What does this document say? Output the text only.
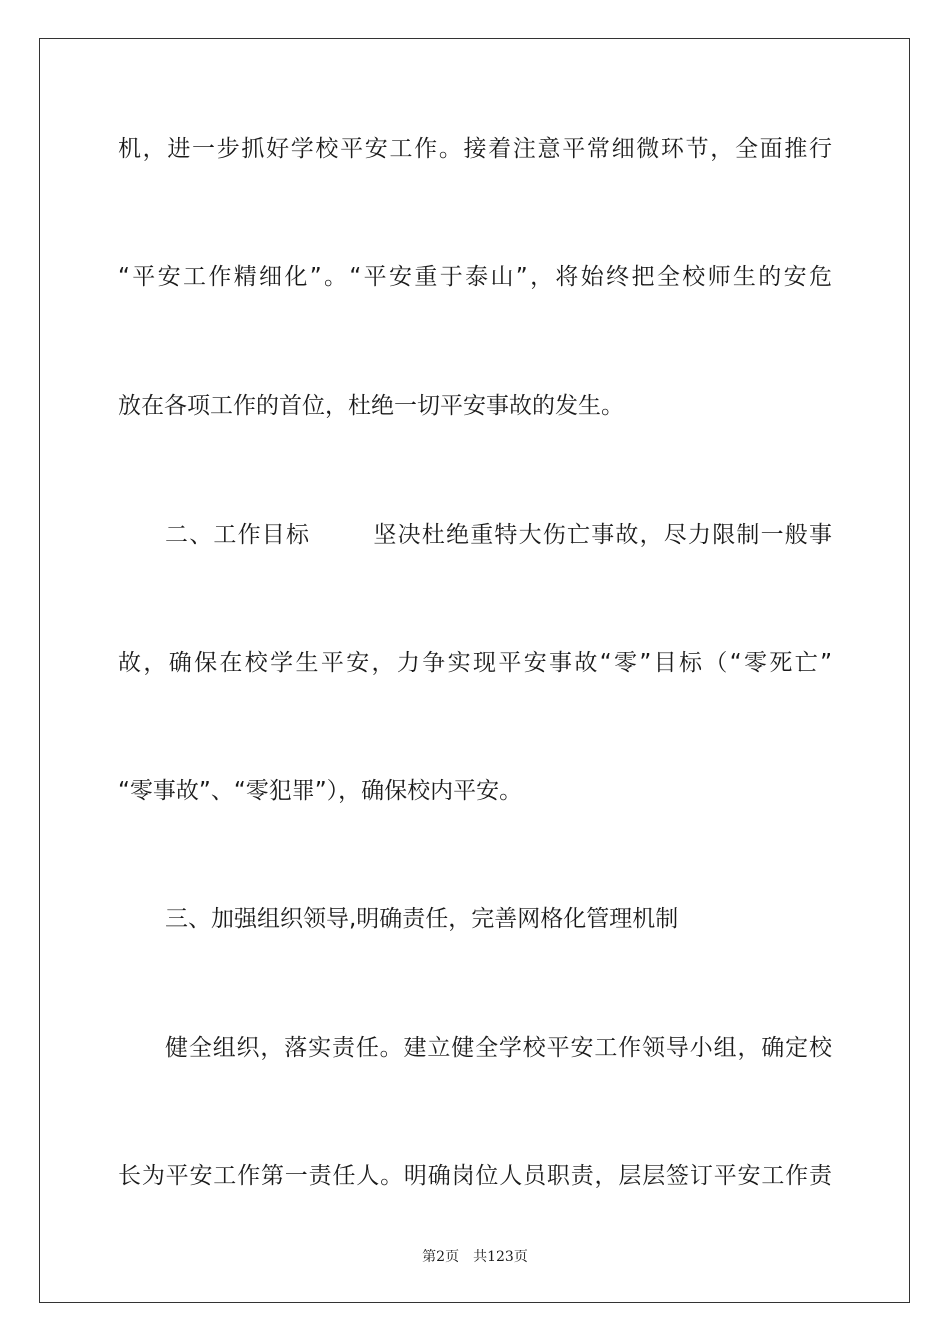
机，进一步抓好学校平安工作。接着注意平常细微环节，全面推行
“平安工作精细化”。“平安重于泰山”，将始终把全校师生的安危
放在各项工作的首位，杜绝一切平安事故的发生。
二、工作目标	坚决杜绝重特大伤亡事故，尽力限制一般事
故，确保在校学生平安，力争实现平安事故“零”目标（“零死亡”
“零事故”、“零犯罪”），确保校内平安。
三、加强组织领导,明确责任，完善网格化管理机制
健全组织，落实责任。建立健全学校平安工作领导小组，确定校
长为平安工作第一责任人。明确岗位人员职责，层层签订平安工作责
第2页 共123页
